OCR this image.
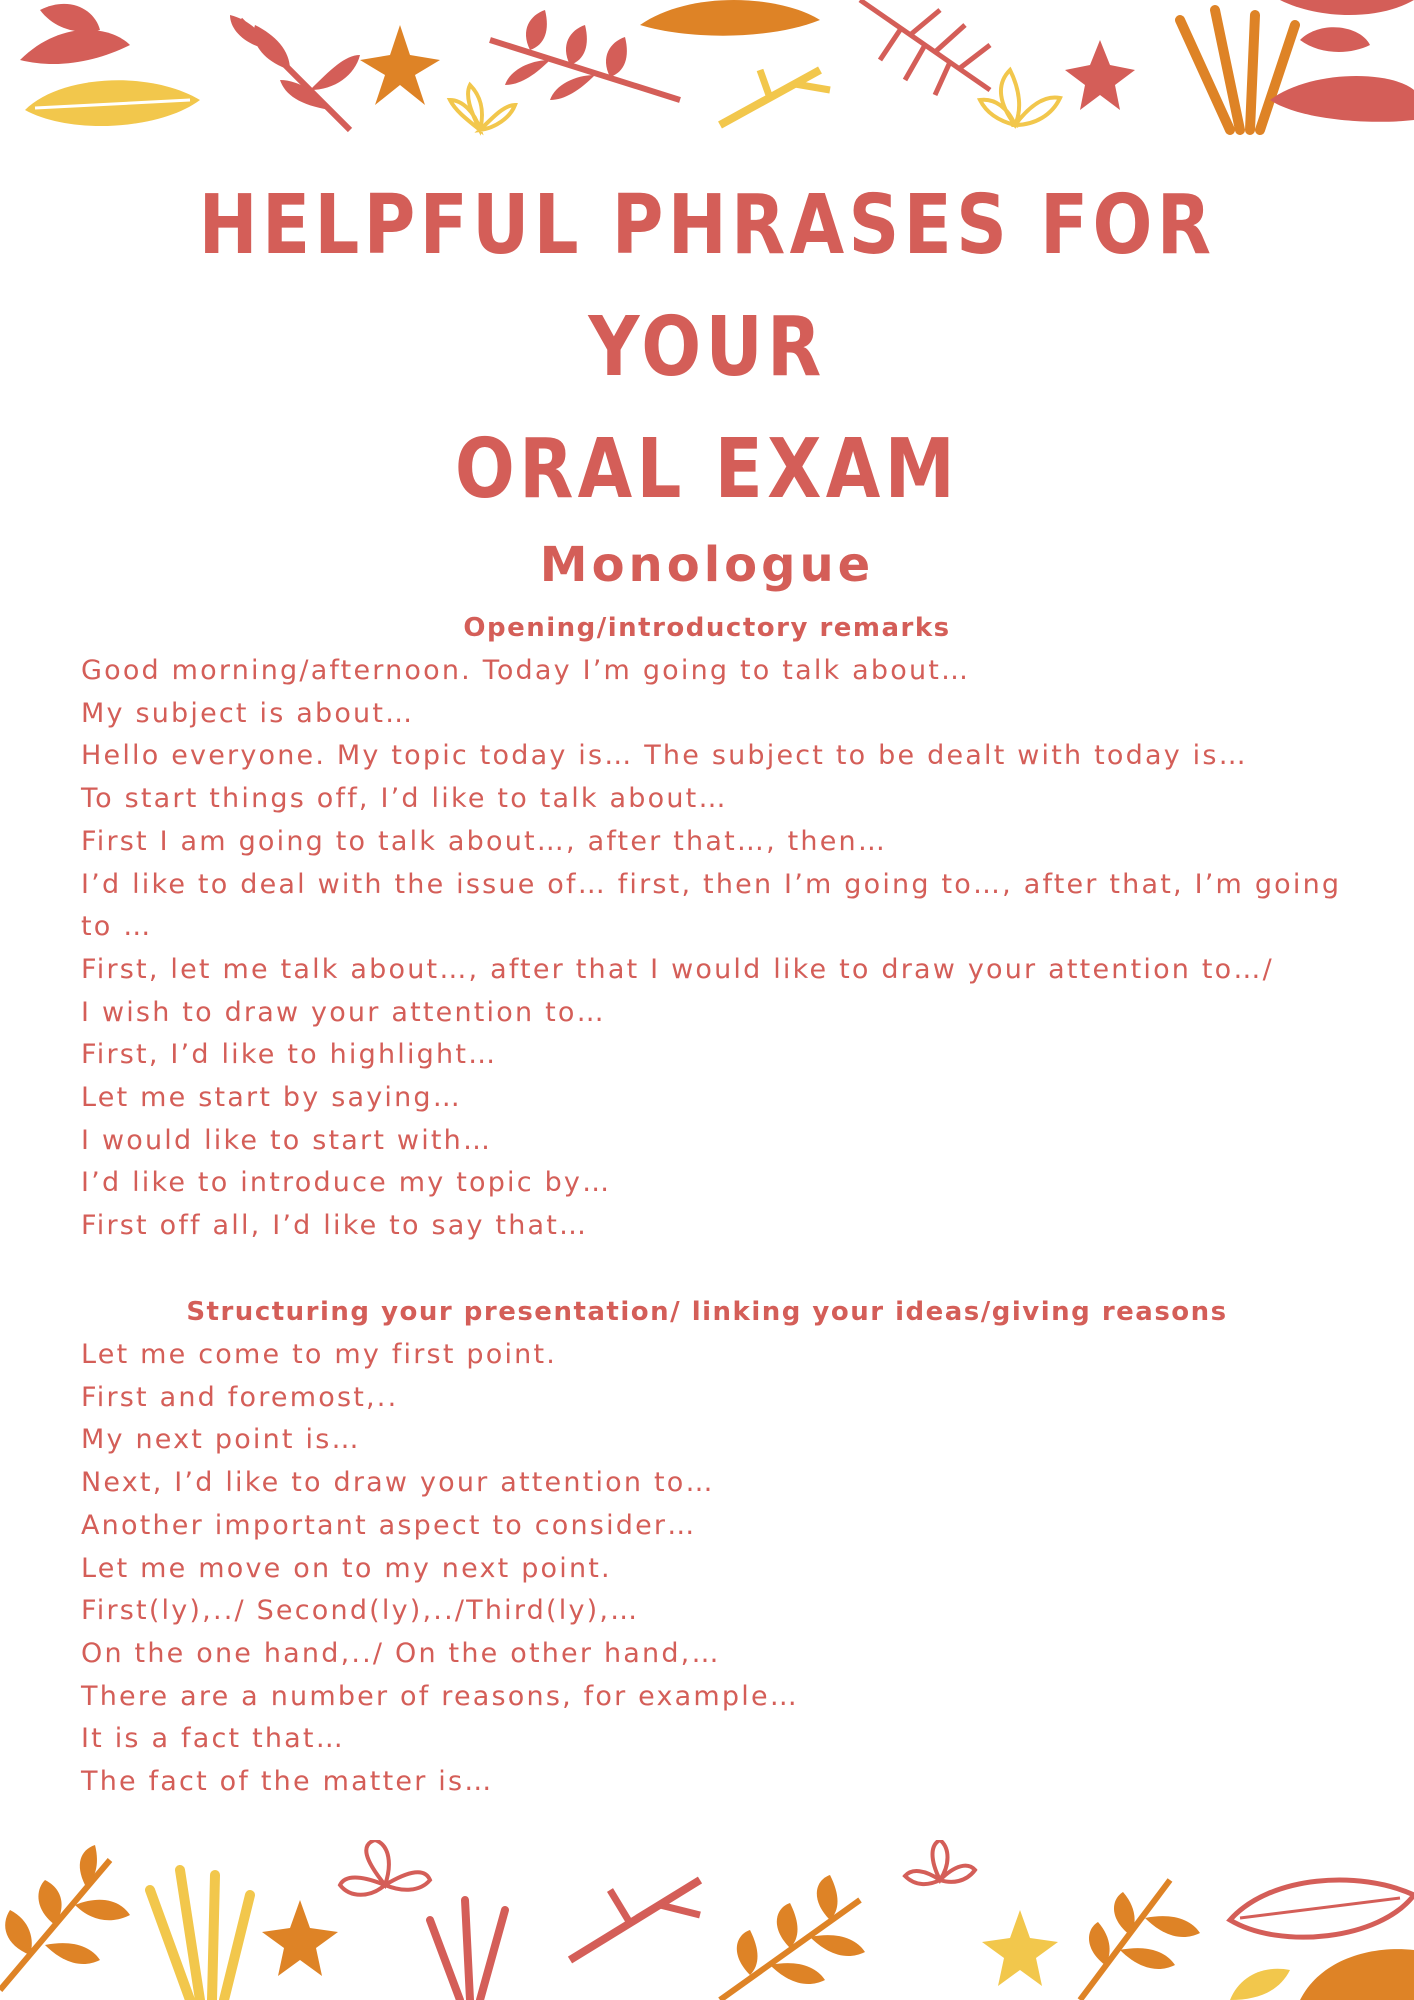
HELPFUL PHRASES FOR YOUR
ORAL EXAM
Monologue
Opening/introductory remarks
Good morning/afternoon. Today I’m going to talk about…
My subject is about…
Hello everyone. My topic today is… The subject to be dealt with today is…
To start things off, I’d like to talk about…
First I am going to talk about…, after that…, then…
I’d like to deal with the issue of… first, then I’m going to…, after that, I’m going to …
First, let me talk about…, after that I would like to draw your attention to…/
I wish to draw your attention to…
First, I’d like to highlight…
Let me start by saying…
I would like to start with…
I’d like to introduce my topic by…
First off all, I’d like to say that…
Structuring your presentation/ linking your ideas/giving reasons
Let me come to my first point.
First and foremost,..
My next point is…
Next, I’d like to draw your attention to…
Another important aspect to consider…
Let me move on to my next point.
First(ly),../ Second(ly),../Third(ly),…
On the one hand,../ On the other hand,…
There are a number of reasons, for example…
It is a fact that…
The fact of the matter is…
